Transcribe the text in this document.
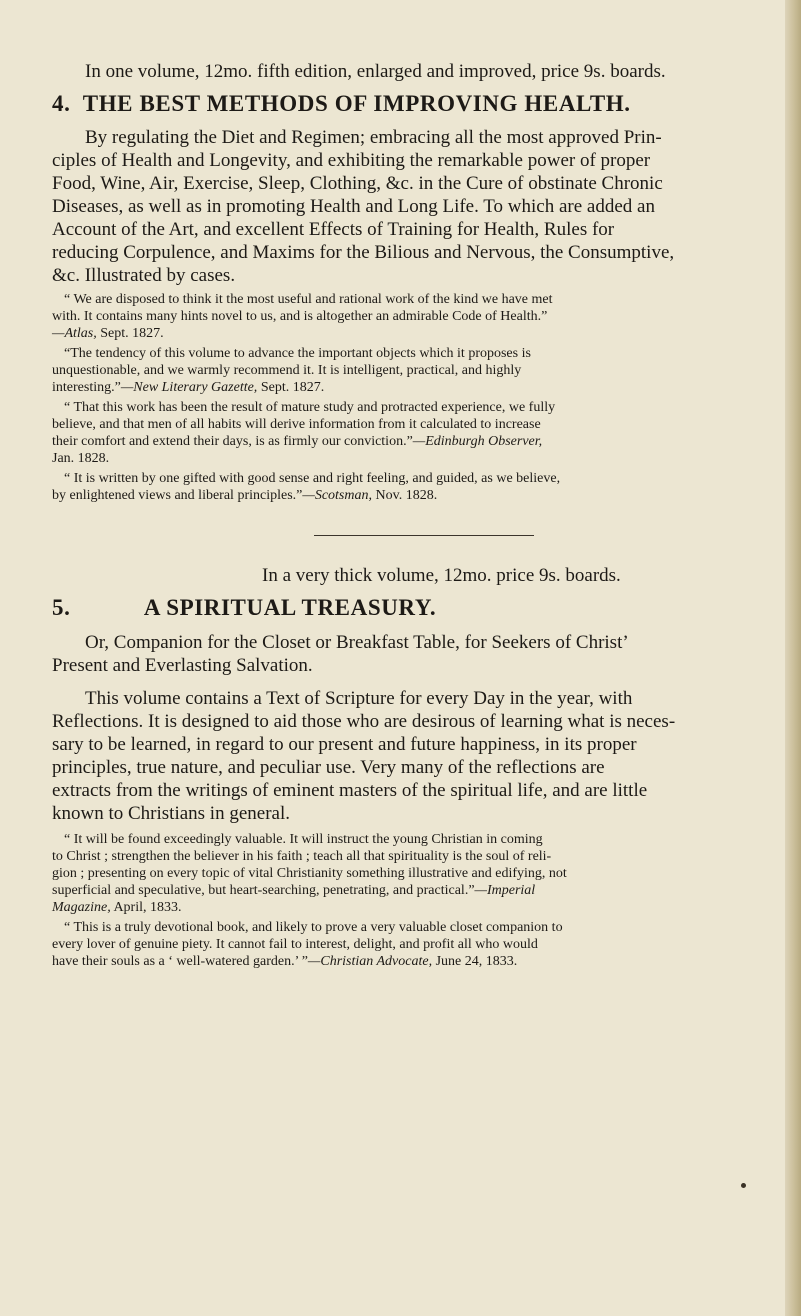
In one volume, 12mo. fifth edition, enlarged and improved, price 9s. boards.
4. THE BEST METHODS OF IMPROVING HEALTH.
By regulating the Diet and Regimen; embracing all the most approved Prin-
ciples of Health and Longevity, and exhibiting the remarkable power of proper
Food, Wine, Air, Exercise, Sleep, Clothing, &c. in the Cure of obstinate Chronic
Diseases, as well as in promoting Health and Long Life. To which are added an
Account of the Art, and excellent Effects of Training for Health, Rules for
reducing Corpulence, and Maxims for the Bilious and Nervous, the Consumptive,
&c. Illustrated by cases.
“ We are disposed to think it the most useful and rational work of the kind we have met
with. It contains many hints novel to us, and is altogether an admirable Code of Health.”
—Atlas, Sept. 1827.
“The tendency of this volume to advance the important objects which it proposes is
unquestionable, and we warmly recommend it. It is intelligent, practical, and highly
interesting.”—New Literary Gazette, Sept. 1827.
“ That this work has been the result of mature study and protracted experience, we fully
believe, and that men of all habits will derive information from it calculated to increase
their comfort and extend their days, is as firmly our conviction.”—Edinburgh Observer,
Jan. 1828.
“ It is written by one gifted with good sense and right feeling, and guided, as we believe,
by enlightened views and liberal principles.”—Scotsman, Nov. 1828.
In a very thick volume, 12mo. price 9s. boards.
5.	A SPIRITUAL TREASURY.
Or, Companion for the Closet or Breakfast Table, for Seekers of Christ’
Present and Everlasting Salvation.
This volume contains a Text of Scripture for every Day in the year, with
Reflections. It is designed to aid those who are desirous of learning what is neces-
sary to be learned, in regard to our present and future happiness, in its proper
principles, true nature, and peculiar use. Very many of the reflections are
extracts from the writings of eminent masters of the spiritual life, and are little
known to Christians in general.
“ It will be found exceedingly valuable. It will instruct the young Christian in coming
to Christ ; strengthen the believer in his faith ; teach all that spirituality is the soul of reli-
gion ; presenting on every topic of vital Christianity something illustrative and edifying, not
superficial and speculative, but heart-searching, penetrating, and practical.”—Imperial
Magazine, April, 1833.
“ This is a truly devotional book, and likely to prove a very valuable closet companion to
every lover of genuine piety. It cannot fail to interest, delight, and profit all who would
have their souls as a ‘ well-watered garden.’ ”—Christian Advocate, June 24, 1833.
